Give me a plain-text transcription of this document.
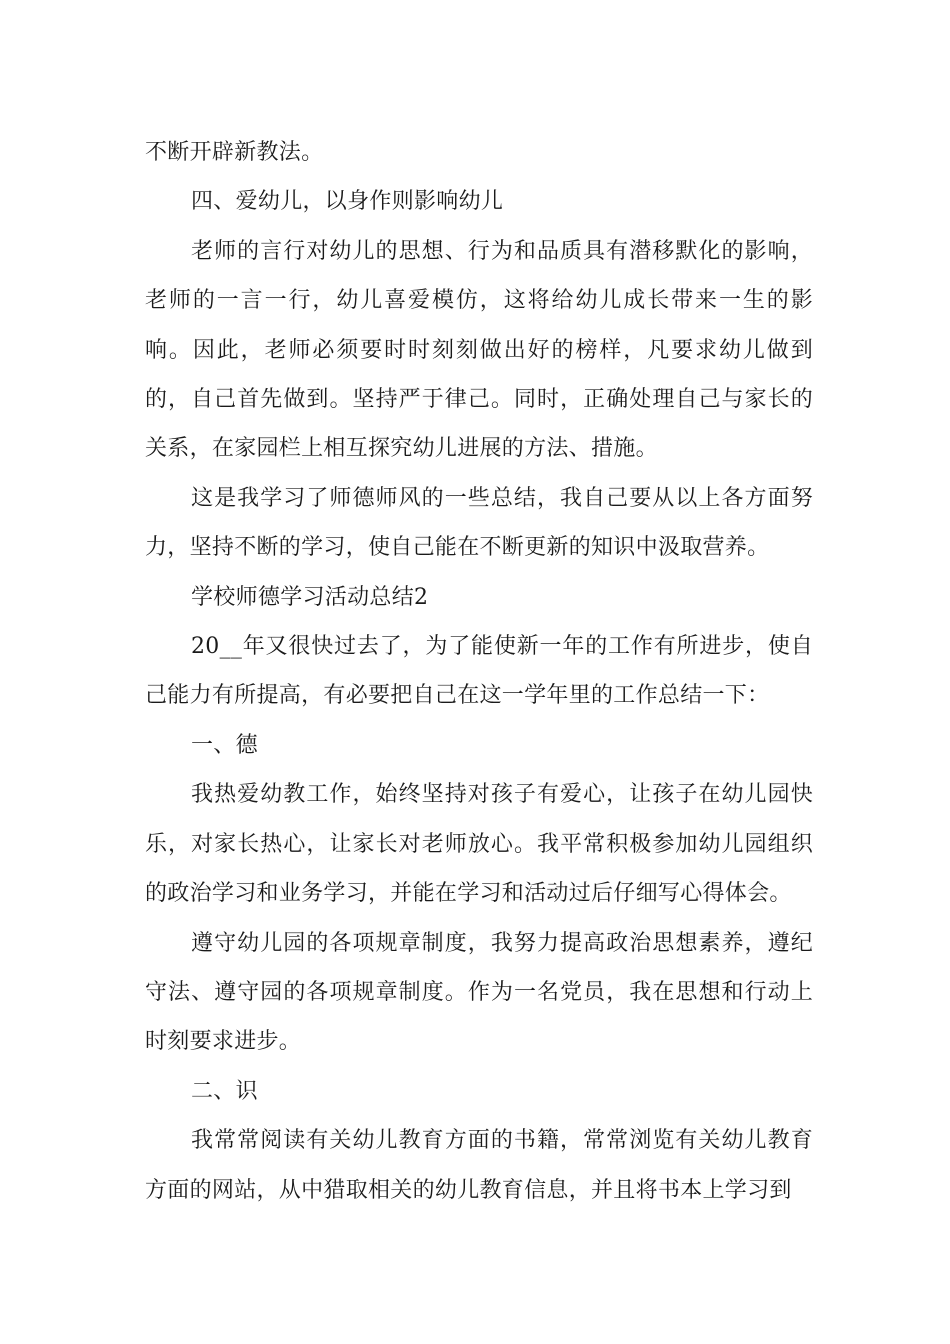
不断开辟新教法。

四、爱幼儿，以身作则影响幼儿

老师的言行对幼儿的思想、行为和品质具有潜移默化的影响，老师的一言一行，幼儿喜爱模仿，这将给幼儿成长带来一生的影响。因此，老师必须要时时刻刻做出好的榜样，凡要求幼儿做到的，自己首先做到。坚持严于律己。同时，正确处理自己与家长的关系，在家园栏上相互探究幼儿进展的方法、措施。

这是我学习了师德师风的一些总结，我自己要从以上各方面努力，坚持不断的学习，使自己能在不断更新的知识中汲取营养。

学校师德学习活动总结2

20__年又很快过去了，为了能使新一年的工作有所进步，使自己能力有所提高，有必要把自己在这一学年里的工作总结一下：

一、德

我热爱幼教工作，始终坚持对孩子有爱心，让孩子在幼儿园快乐，对家长热心，让家长对老师放心。我平常积极参加幼儿园组织的政治学习和业务学习，并能在学习和活动过后仔细写心得体会。

遵守幼儿园的各项规章制度，我努力提高政治思想素养，遵纪守法、遵守园的各项规章制度。作为一名党员，我在思想和行动上时刻要求进步。

二、识

我常常阅读有关幼儿教育方面的书籍，常常浏览有关幼儿教育方面的网站，从中猎取相关的幼儿教育信息，并且将书本上学习到
